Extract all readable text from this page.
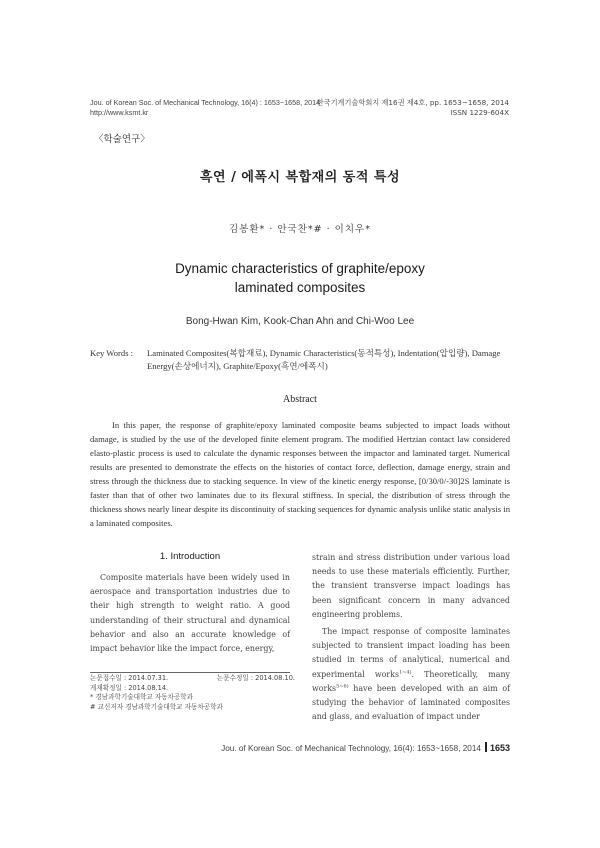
Jou. of Korean Soc. of Mechanical Technology, 16(4) : 1653~1658, 2014
http://www.ksmt.kr
한국기계기술학회지 제16권 제4호, pp. 1653~1658, 2014
ISSN 1229-604X
〈학술연구〉
흑연 / 에폭시 복합재의 동적 특성
김봉환* · 안국찬*# · 이치우*
Dynamic characteristics of graphite/epoxy
laminated composites
Bong-Hwan Kim, Kook-Chan Ahn and Chi-Woo Lee
Key Words :	Laminated Composites(복합재료), Dynamic Characteristics(동적특성), Indentation(압입량), Damage Energy(손상에너지), Graphite/Epoxy(흑연/에폭시)
Abstract

In this paper, the response of graphite/epoxy laminated composite beams subjected to impact loads without damage, is studied by the use of the developed finite element program. The modified Hertzian contact law considered elasto-plastic process is used to calculate the dynamic responses between the impactor and laminated target. Numerical results are presented to demonstrate the effects on the histories of contact force, deflection, damage energy, strain and stress through the thickness due to stacking sequence. In view of the kinetic energy response, [0/30/0/-30]2S laminate is faster than that of other two laminates due to its flexural stiffness. In special, the distribution of stress through the thickness shows nearly linear despite its discontinuity of stacking sequences for dynamic analysis unlike static analysis in a laminated composites.

1. Introduction

Composite materials have been widely used in aerospace and transportation industries due to their high strength to weight ratio. A good understanding of their structural and dynamical behavior and also an accurate knowledge of impact behavior like the impact force, energy,

strain and stress distribution under various load needs to use these materials efficiently. Further, the transient transverse impact loadings has been significant concern in many advanced engineering problems.

The impact response of composite laminates subjected to transient impact loading has been studied in terms of analytical, numerical and experimental works$^{1\sim 4)}$. Theoretically, many works$^{5\sim 6)}$ have been developed with an aim of studying the behavior of laminated composites and glass, and evaluation of impact under

논문접수일 : 2014.07.31.	논문수정일 : 2014.08.10.
게재확정일 : 2014.08.14.
* 경남과학기술대학교 자동차공학과
# 교신저자 경남과학기술대학교 자동차공학과
Jou. of Korean Soc. of Mechanical Technology, 16(4): 1653~1658, 2014 1653
